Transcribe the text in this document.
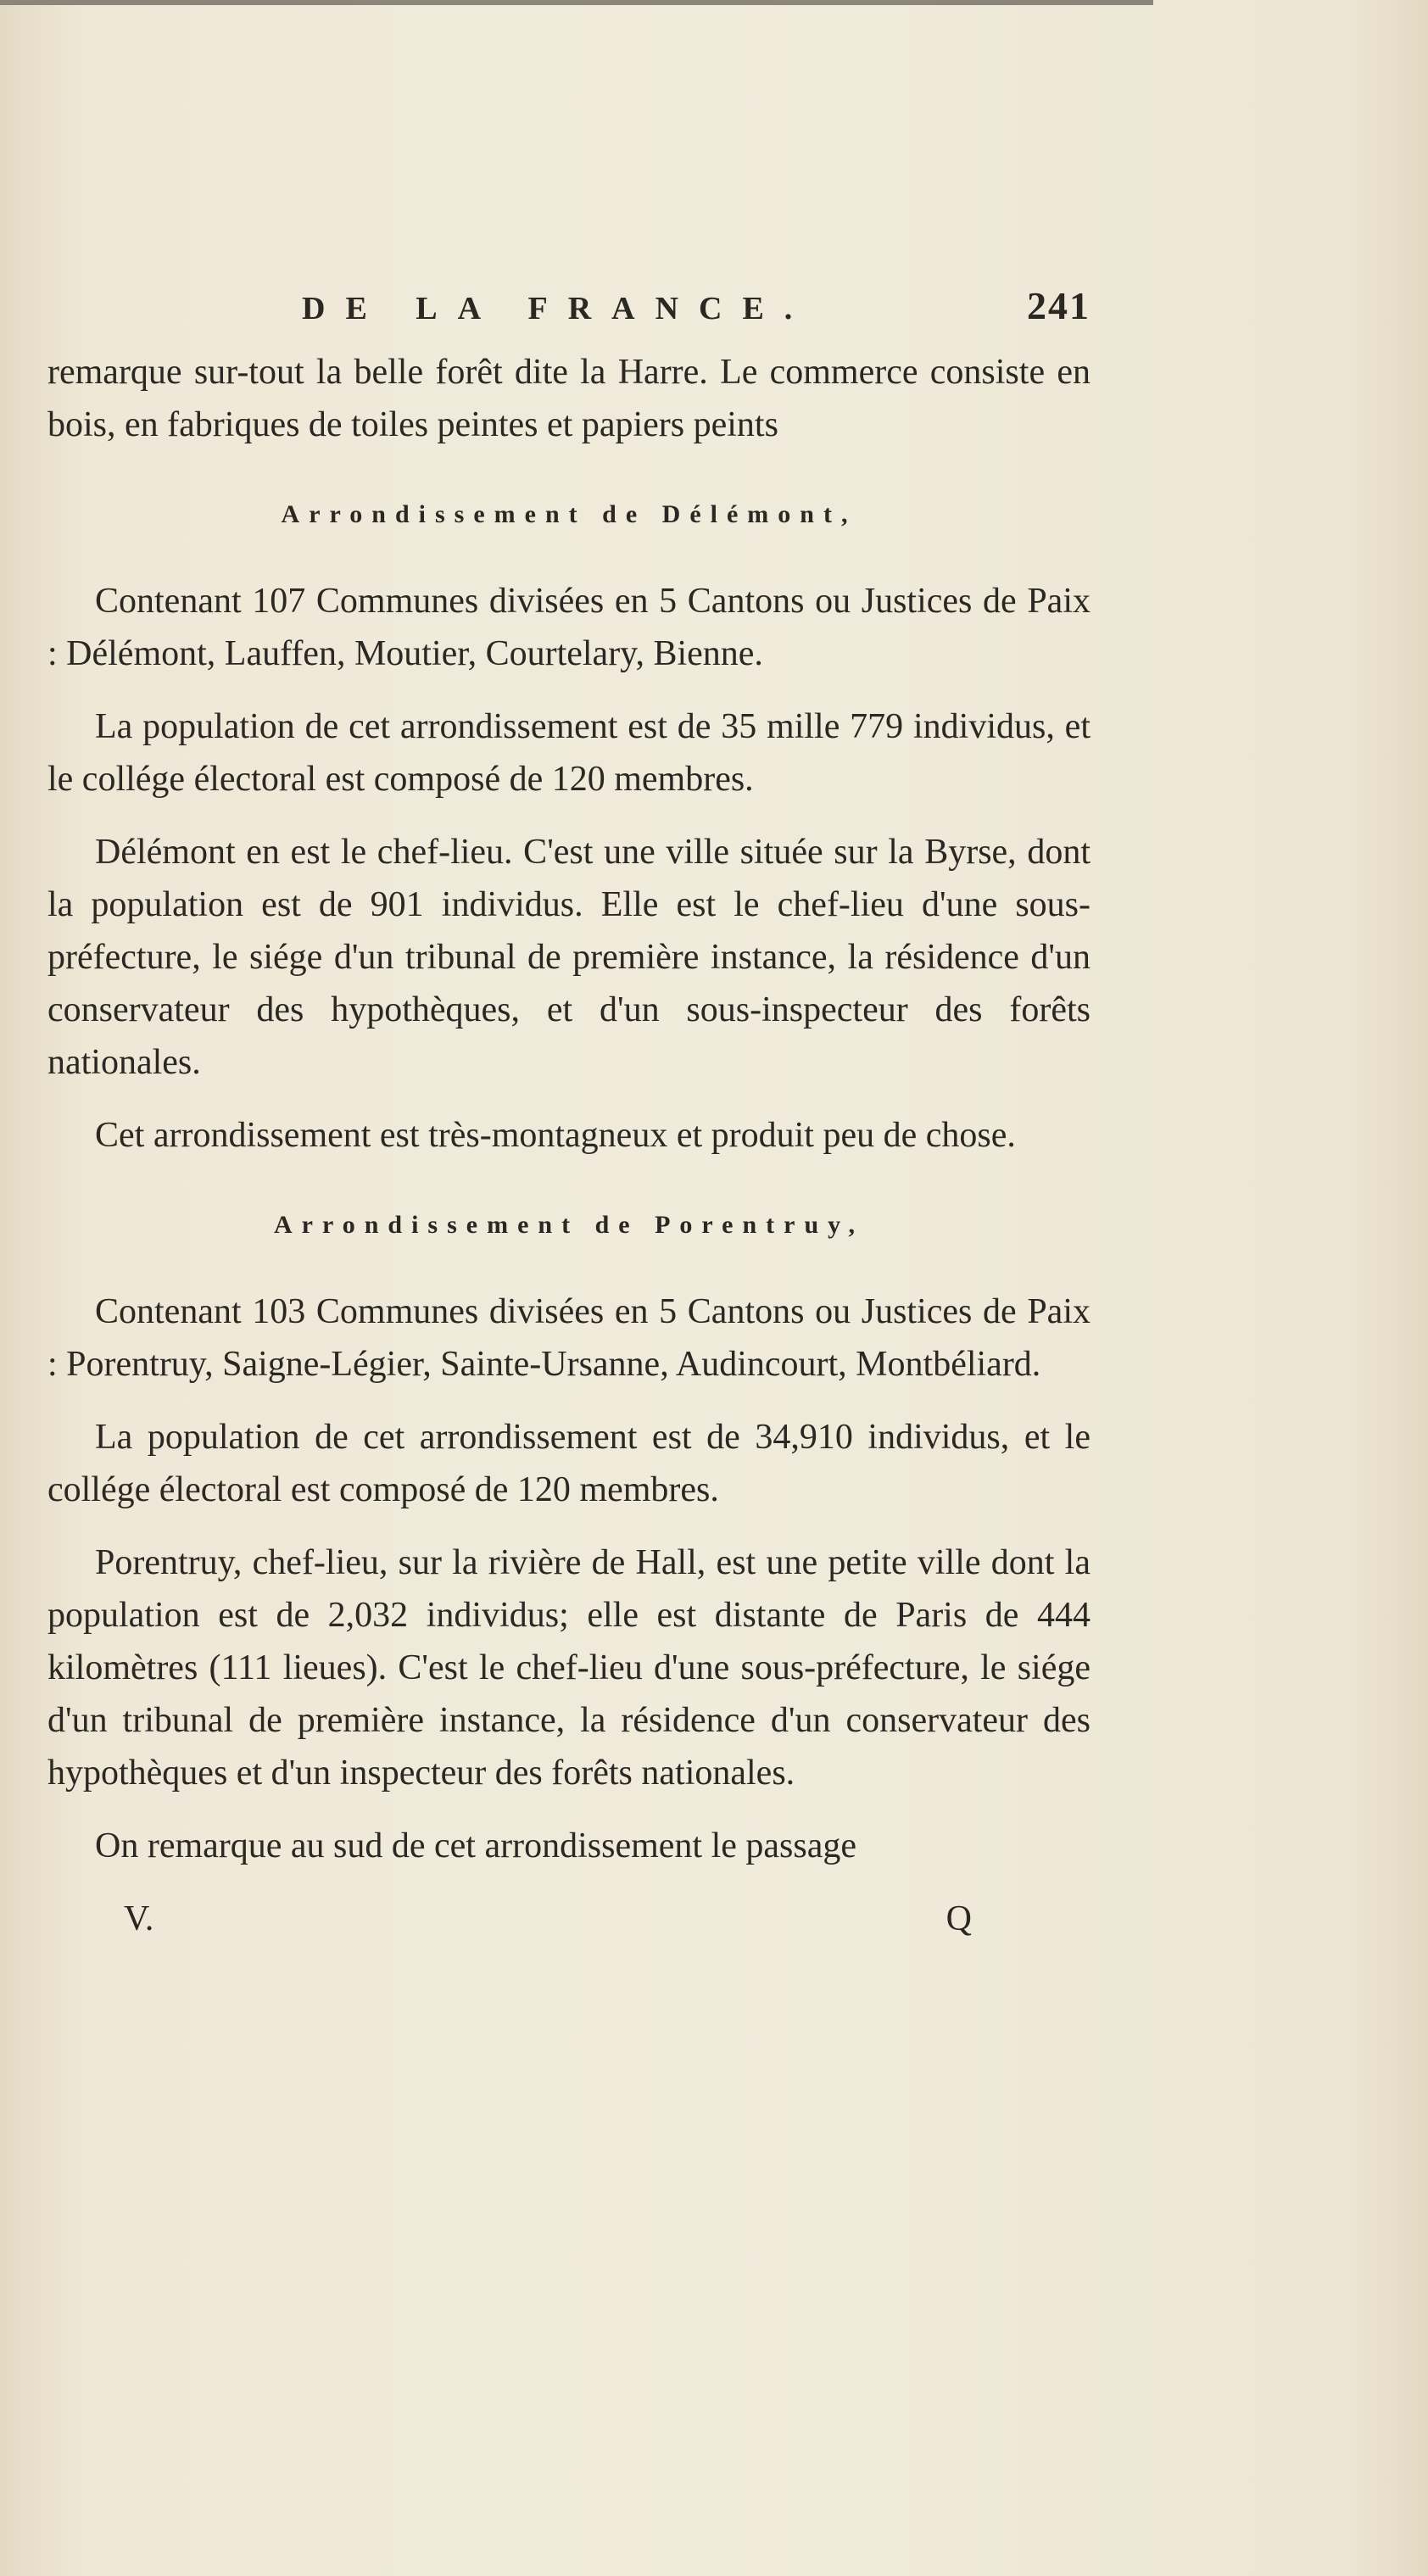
DE LA FRANCE.	241

remarque sur-tout la belle forêt dite la Harre. Le commerce consiste en bois, en fabriques de toiles peintes et papiers peints

Arrondissement de Délémont,

Contenant 107 Communes divisées en 5 Cantons ou Justices de Paix : Délémont, Lauffen, Moutier, Courtelary, Bienne.

La population de cet arrondissement est de 35 mille 779 individus, et le collége électoral est composé de 120 membres.

Délémont en est le chef-lieu. C'est une ville située sur la Byrse, dont la population est de 901 individus. Elle est le chef-lieu d'une sous-préfecture, le siége d'un tribunal de première instance, la résidence d'un conservateur des hypothèques, et d'un sous-inspecteur des forêts nationales.

Cet arrondissement est très-montagneux et produit peu de chose.

Arrondissement de Porentruy,

Contenant 103 Communes divisées en 5 Cantons ou Justices de Paix : Porentruy, Saigne-Légier, Sainte-Ursanne, Audincourt, Montbéliard.

La population de cet arrondissement est de 34,910 individus, et le collége électoral est composé de 120 membres.

Porentruy, chef-lieu, sur la rivière de Hall, est une petite ville dont la population est de 2,032 individus; elle est distante de Paris de 444 kilomètres (111 lieues). C'est le chef-lieu d'une sous-préfecture, le siége d'un tribunal de première instance, la résidence d'un conservateur des hypothèques et d'un inspecteur des forêts nationales.

On remarque au sud de cet arrondissement le passage

V.	Q
